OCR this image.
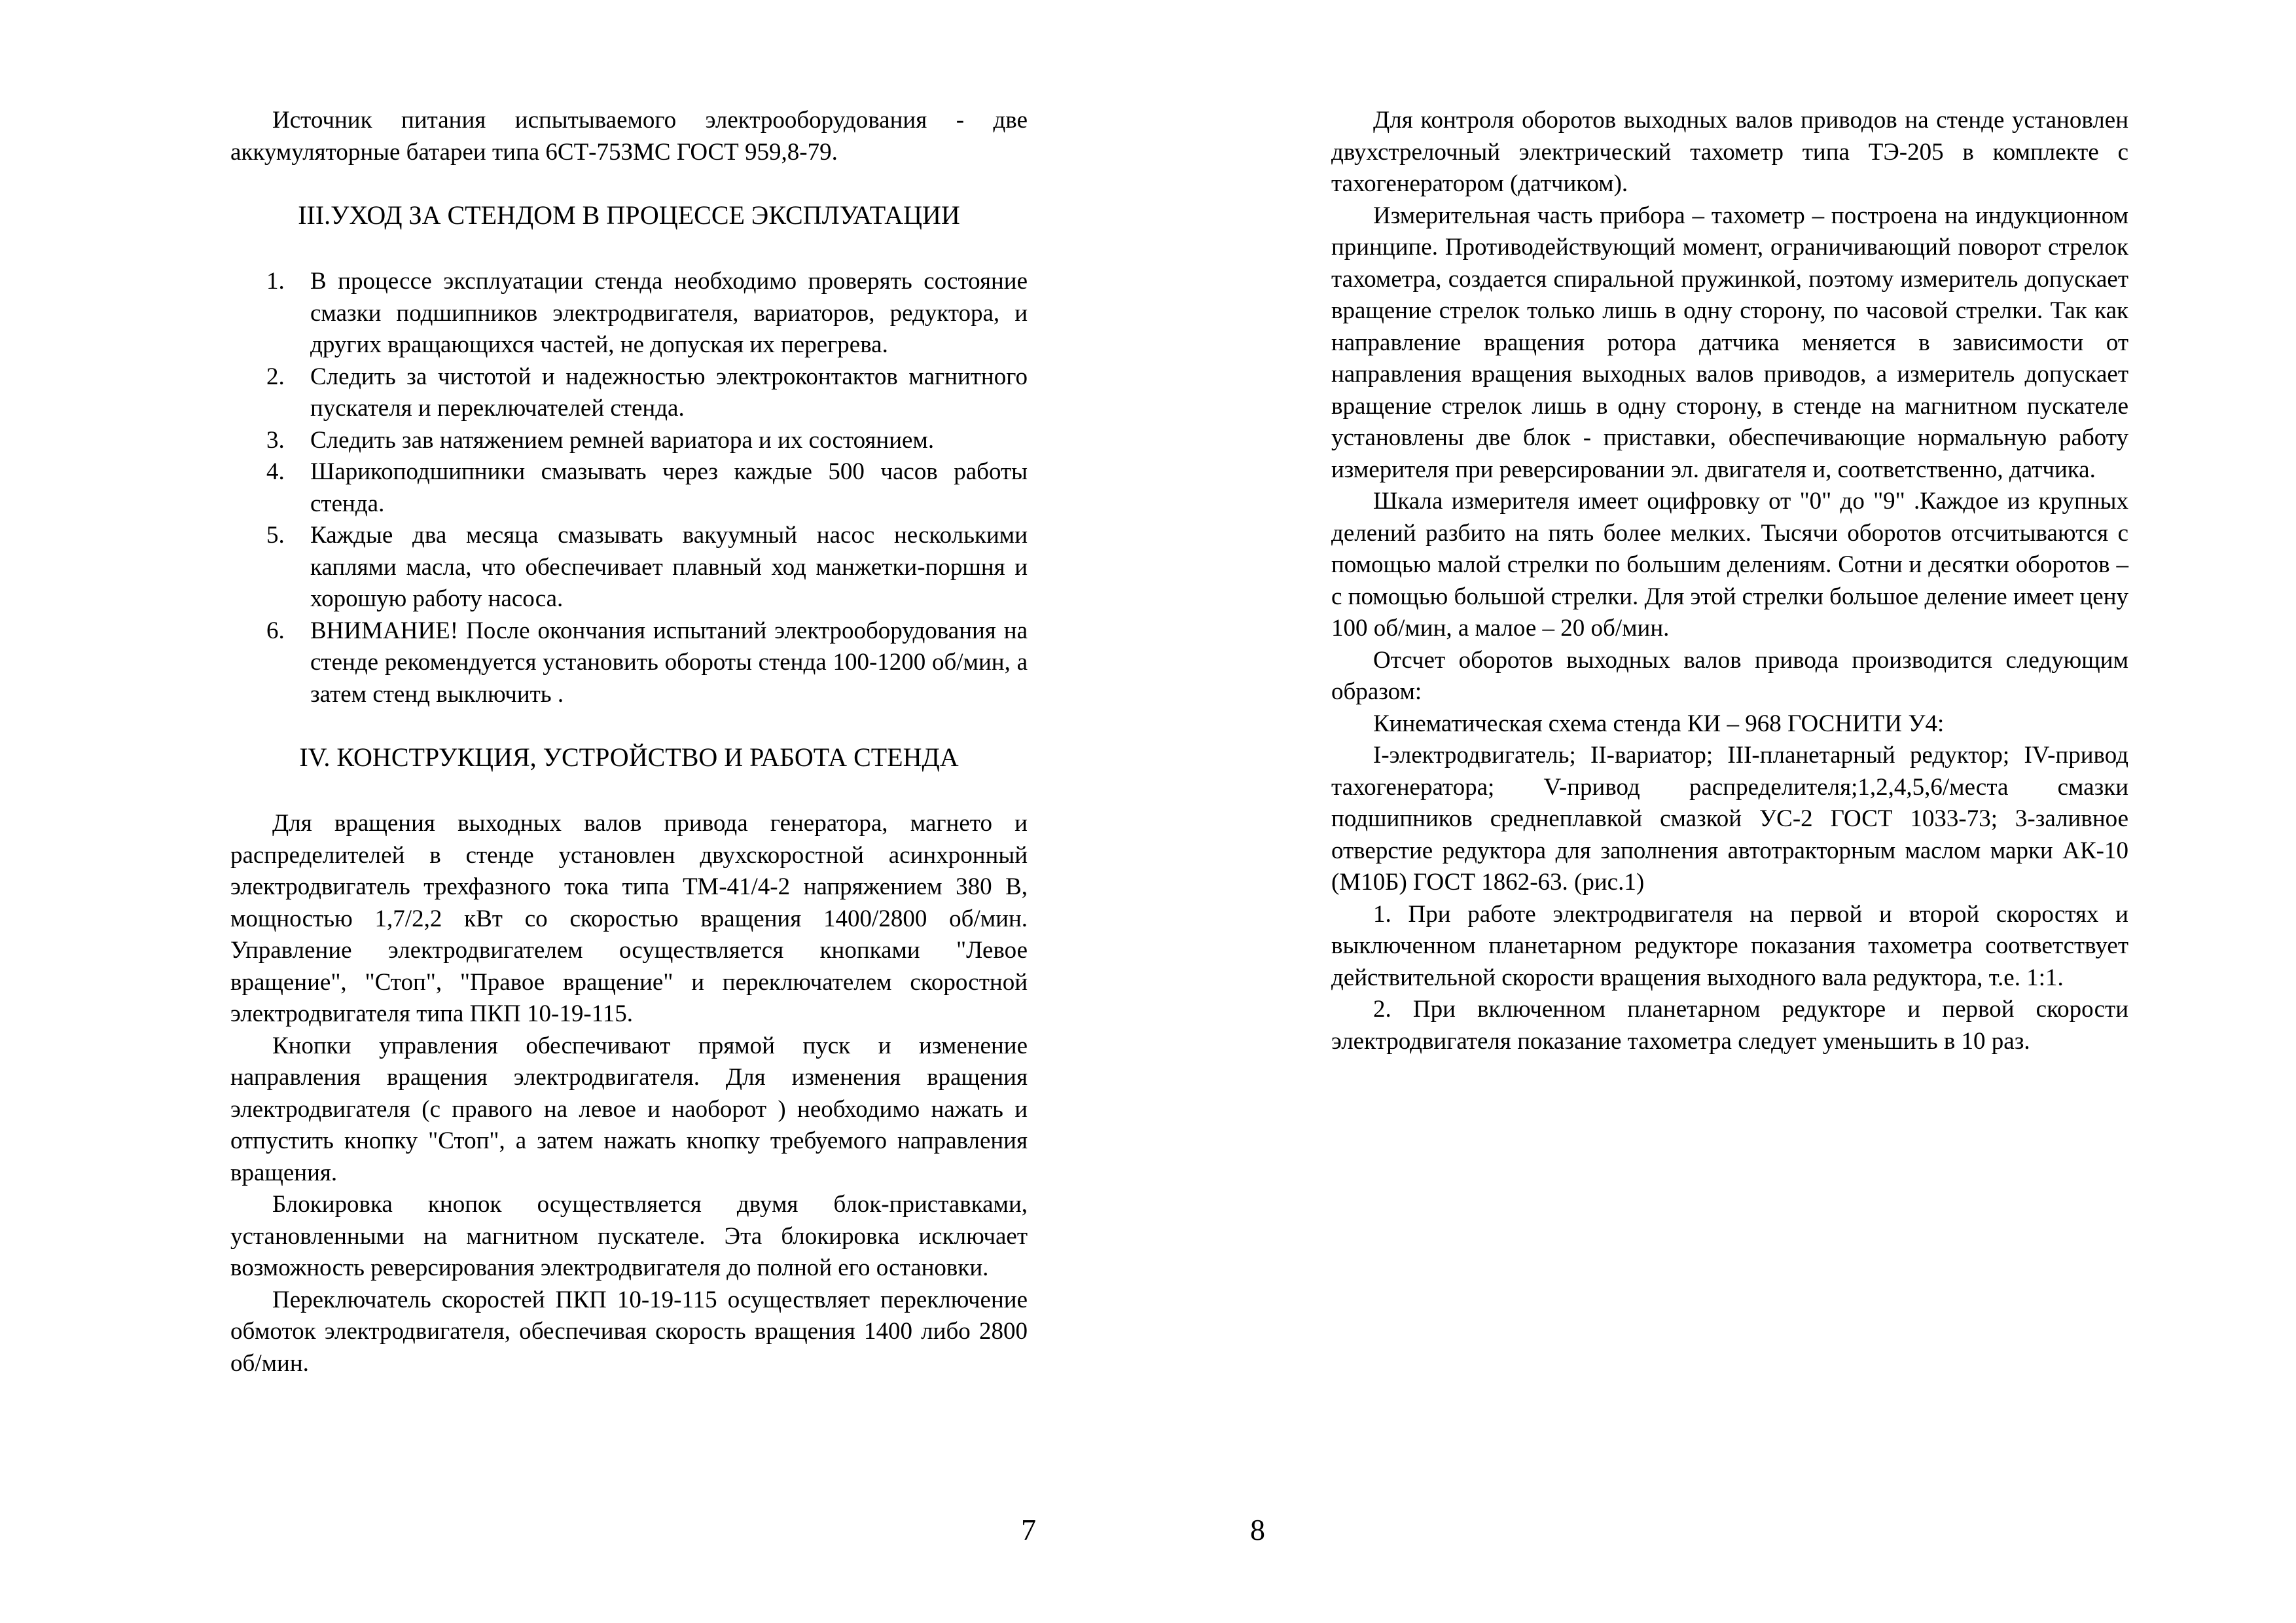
Источник питания испытываемого электрооборудования - две аккумуляторные батареи типа 6СТ-75ЗМС ГОСТ 959,8-79.

III.УХОД ЗА СТЕНДОМ В ПРОЦЕССЕ ЭКСПЛУАТАЦИИ
1. В процессе эксплуатации стенда необходимо проверять состояние смазки подшипников электродвигателя, вариаторов, редуктора, и других вращающихся частей, не допуская их перегрева.
2. Следить за чистотой и надежностью электроконтактов магнитного пускателя и переключателей стенда.
3. Следить зав натяжением ремней вариатора и их состоянием.
4. Шарикоподшипники смазывать через каждые 500 часов работы стенда.
5. Каждые два месяца смазывать вакуумный насос несколькими каплями масла, что обеспечивает плавный ход манжетки-поршня и хорошую работу насоса.
6. ВНИМАНИЕ! После окончания испытаний электрооборудования на стенде рекомендуется установить обороты стенда 100-1200 об/мин, а затем стенд выключить .
IV. КОНСТРУКЦИЯ, УСТРОЙСТВО И РАБОТА СТЕНДА

Для вращения выходных валов привода генератора, магнето и распределителей в стенде установлен двухскоростной асинхронный электродвигатель трехфазного тока типа ТМ-41/4-2 напряжением 380 В, мощностью 1,7/2,2 кВт со скоростью вращения 1400/2800 об/мин. Управление электродвигателем осуществляется кнопками "Левое вращение", "Стоп", "Правое вращение" и переключателем скоростной электродвигателя типа ПКП 10-19-115.

Кнопки управления обеспечивают прямой пуск и изменение направления вращения электродвигателя. Для изменения вращения электродвигателя (с правого на левое и наоборот ) необходимо нажать и отпустить кнопку "Стоп", а затем нажать кнопку требуемого направления вращения.

Блокировка кнопок осуществляется двумя блок-приставками, установленными на магнитном пускателе. Эта блокировка исключает возможность реверсирования электродвигателя до полной его остановки.

Переключатель скоростей ПКП 10-19-115 осуществляет переключение обмоток электродвигателя, обеспечивая скорость вращения 1400 либо 2800 об/мин.

Для контроля оборотов выходных валов приводов на стенде установлен двухстрелочный электрический тахометр типа ТЭ-205 в комплекте с тахогенератором (датчиком).

Измерительная часть прибора – тахометр – построена на индукционном принципе. Противодействующий момент, ограничивающий поворот стрелок тахометра, создается спиральной пружинкой, поэтому измеритель допускает вращение стрелок только лишь в одну сторону, по часовой стрелки. Так как направление вращения ротора датчика меняется в зависимости от направления вращения выходных валов приводов, а измеритель допускает вращение стрелок лишь в одну сторону, в стенде на магнитном пускателе установлены две блок - приставки, обеспечивающие нормальную работу измерителя при реверсировании эл. двигателя и, соответственно, датчика.

Шкала измерителя имеет оцифровку от "0" до "9" .Каждое из крупных делений разбито на пять более мелких. Тысячи оборотов отсчитываются с помощью малой стрелки по большим делениям. Сотни и десятки оборотов – с помощью большой стрелки. Для этой стрелки большое деление имеет цену 100 об/мин, а малое – 20 об/мин.

Отсчет оборотов выходных валов привода производится следующим образом:

Кинематическая схема стенда КИ – 968 ГОСНИТИ У4:

I-электродвигатель; II-вариатор; III-планетарный редуктор; IV-привод тахогенератора; V-привод распределителя;1,2,4,5,6/места смазки подшипников среднеплавкой смазкой УС-2 ГОСТ 1033-73; 3-заливное отверстие редуктора для заполнения автотракторным маслом марки АК-10 (М10Б) ГОСТ 1862-63. (рис.1)

1. При работе электродвигателя на первой и второй скоростях и выключенном планетарном редукторе показания тахометра соответствует действительной скорости вращения выходного вала редуктора, т.е. 1:1.

2. При включенном планетарном редукторе и первой скорости электродвигателя показание тахометра следует уменьшить в 10 раз.

7	8
